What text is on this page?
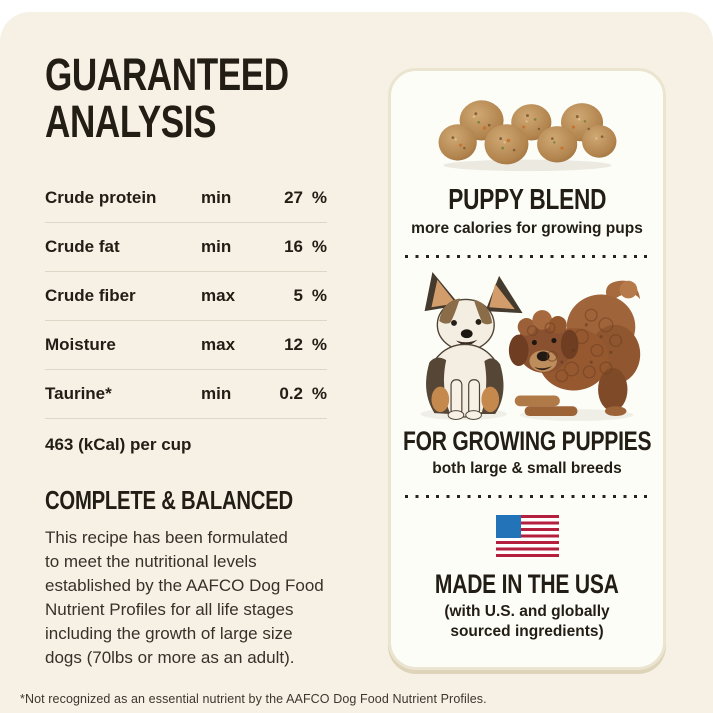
GUARANTEED
ANALYSIS
Crude protein	min	27 %
Crude fat	min	16 %
Crude fiber	max	5 %
Moisture	max	12 %
Taurine*	min	0.2 %
463 (kCal) per cup
COMPLETE & BALANCED
This recipe has been formulated
to meet the nutritional levels
established by the AAFCO Dog Food
Nutrient Profiles for all life stages
including the growth of large size
dogs (70lbs or more as an adult).
PUPPY BLEND
more calories for growing pups
FOR GROWING PUPPIES
both large & small breeds
MADE IN THE USA
(with U.S. and globally
sourced ingredients)
*Not recognized as an essential nutrient by the AAFCO Dog Food Nutrient Profiles.
